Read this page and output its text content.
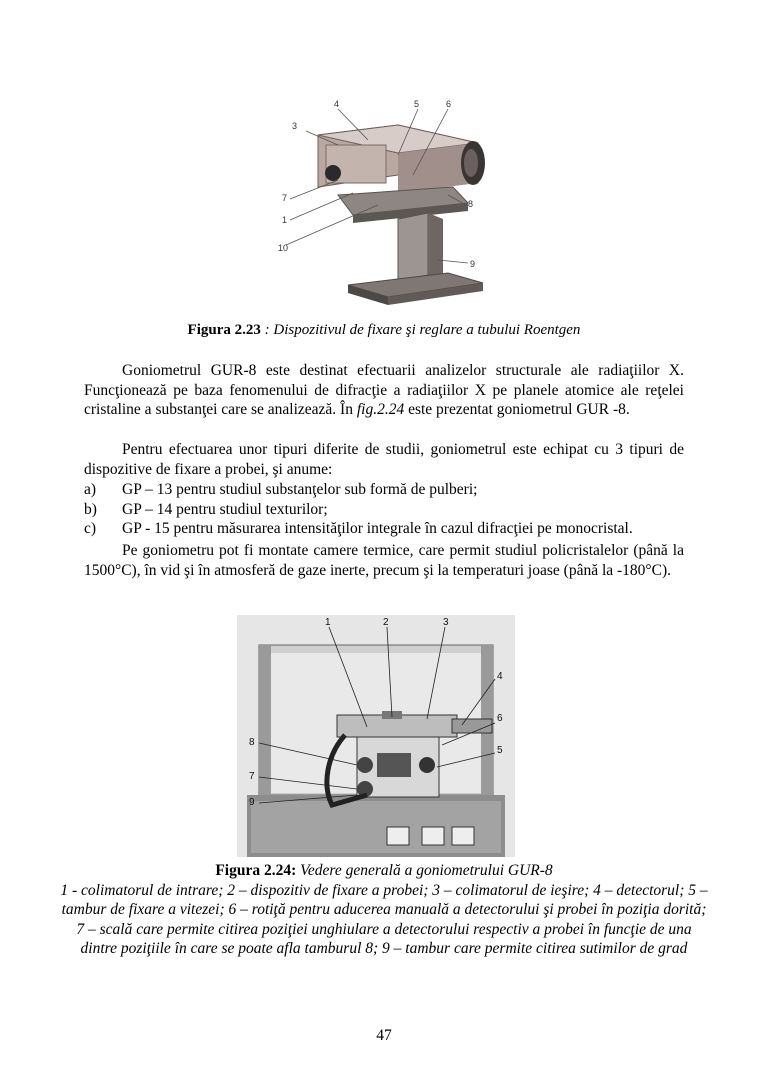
3
4	5	6
7
1
8
10
9
Figura 2.23 : Dispozitivul de fixare şi reglare a tubului Roentgen
Goniometrul GUR-8 este destinat efectuarii analizelor structurale ale radiaţiilor X. Funcţionează pe baza fenomenului de difracţie a radiaţiilor X pe planele atomice ale reţelei cristaline a substanţei care se analizează. În fig.2.24 este prezentat goniometrul GUR -8.
Pentru efectuarea unor tipuri diferite de studii, goniometrul este echipat cu 3 tipuri de dispozitive de fixare a probei, şi anume:
a)	GP – 13 pentru studiul substanţelor sub formă de pulberi;
b)	GP – 14 pentru studiul texturilor;
c)	GP - 15 pentru măsurarea intensităţilor integrale în cazul difracţiei pe monocristal.
Pe goniometru pot fi montate camere termice, care permit studiul policristalelor (până la 1500°C), în vid şi în atmosferă de gaze inerte, precum şi la temperaturi joase (până la -180°C).
1	2	3
4
6
5
8
7
9
Figura 2.24: Vedere generală a goniometrului GUR-8
1 - colimatorul de intrare; 2 – dispozitiv de fixare a probei; 3 – colimatorul de ieşire; 4 – detectorul; 5 – tambur de fixare a vitezei; 6 – rotiţă pentru aducerea manuală a detectorului şi probei în poziţia dorită; 7 – scală care permite citirea poziţiei unghiulare a detectorului respectiv a probei în funcţie de una dintre poziţiile în care se poate afla tamburul 8; 9 – tambur care permite citirea sutimilor de grad
47
